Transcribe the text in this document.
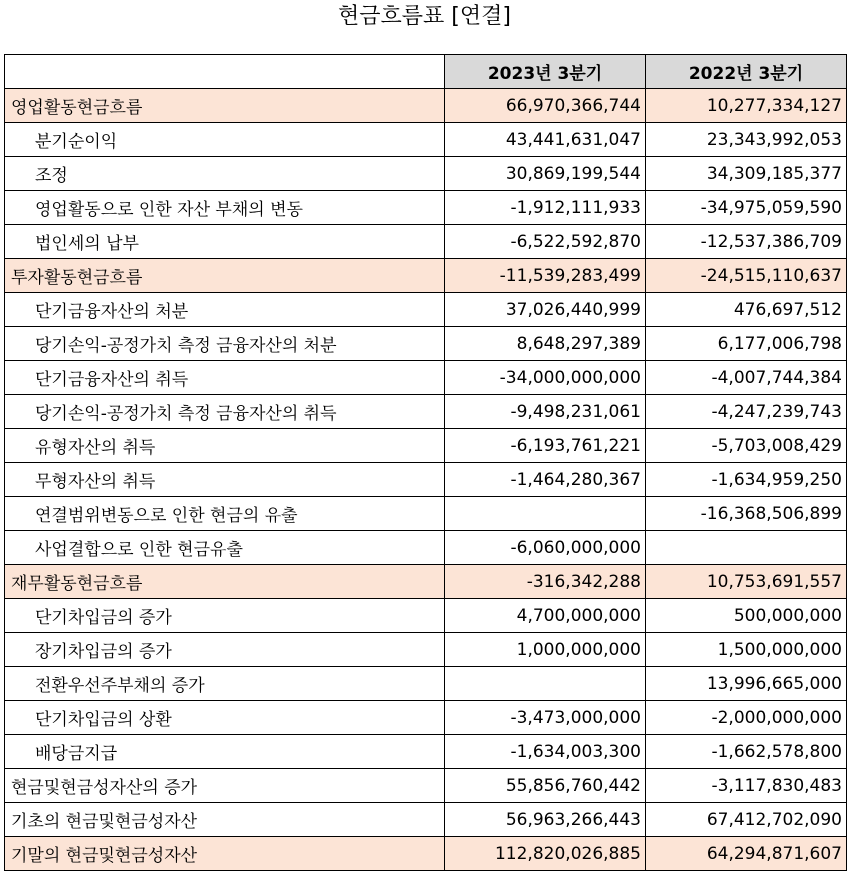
현금흐름표 [연결]
	2023년 3분기	2022년 3분기
영업활동현금흐름	66,970,366,744	10,277,334,127
분기순이익	43,441,631,047	23,343,992,053
조정	30,869,199,544	34,309,185,377
영업활동으로 인한 자산 부채의 변동	-1,912,111,933	-34,975,059,590
법인세의 납부	-6,522,592,870	-12,537,386,709
투자활동현금흐름	-11,539,283,499	-24,515,110,637
단기금융자산의 처분	37,026,440,999	476,697,512
당기손익-공정가치 측정 금융자산의 처분	8,648,297,389	6,177,006,798
단기금융자산의 취득	-34,000,000,000	-4,007,744,384
당기손익-공정가치 측정 금융자산의 취득	-9,498,231,061	-4,247,239,743
유형자산의 취득	-6,193,761,221	-5,703,008,429
무형자산의 취득	-1,464,280,367	-1,634,959,250
연결범위변동으로 인한 현금의 유출		-16,368,506,899
사업결합으로 인한 현금유출	-6,060,000,000	
재무활동현금흐름	-316,342,288	10,753,691,557
단기차입금의 증가	4,700,000,000	500,000,000
장기차입금의 증가	1,000,000,000	1,500,000,000
전환우선주부채의 증가		13,996,665,000
단기차입금의 상환	-3,473,000,000	-2,000,000,000
배당금지급	-1,634,003,300	-1,662,578,800
현금및현금성자산의 증가	55,856,760,442	-3,117,830,483
기초의 현금및현금성자산	56,963,266,443	67,412,702,090
기말의 현금및현금성자산	112,820,026,885	64,294,871,607
